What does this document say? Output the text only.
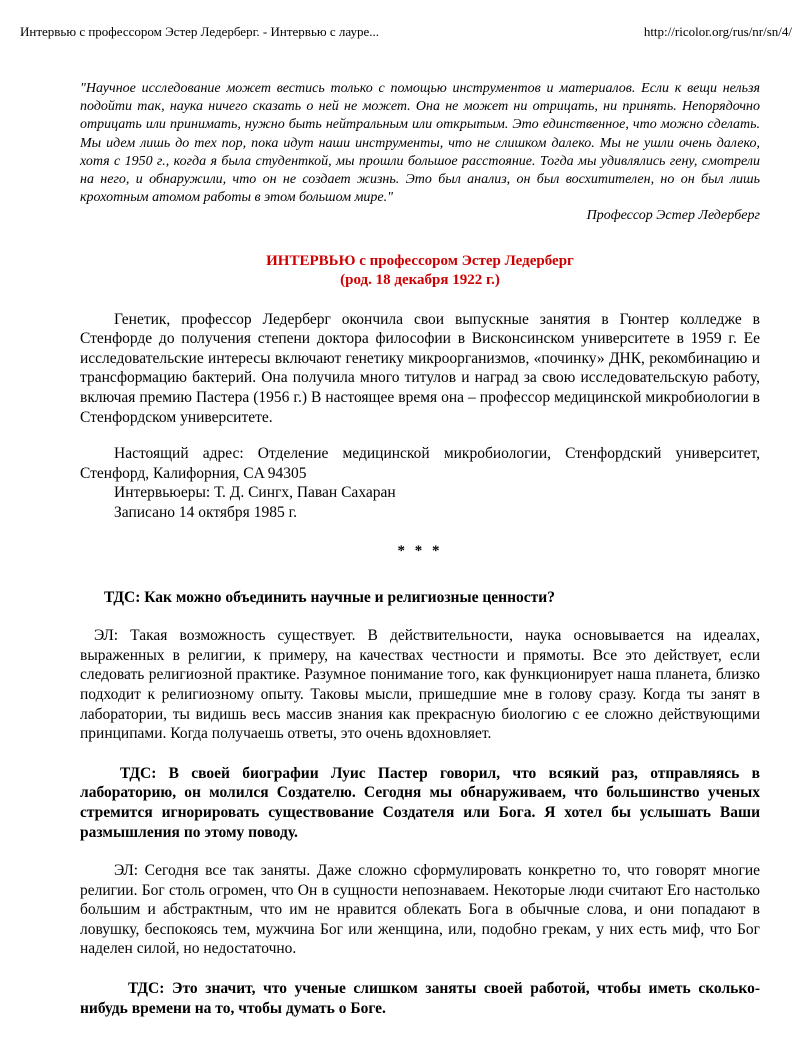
Интервью с профессором Эстер Ледерберг. - Интервью с лауре...	http://ricolor.org/rus/nr/sn/4/

"Научное исследование может вестись только с помощью инструментов и материалов. Если к вещи нельзя подойти так, наука ничего сказать о ней не может. Она не может ни отрицать, ни принять. Непорядочно отрицать или принимать, нужно быть нейтральным или открытым. Это единственное, что можно сделать. Мы идем лишь до тех пор, пока идут наши инструменты, что не слишком далеко. Мы не ушли очень далеко, хотя с 1950 г., когда я была студенткой, мы прошли большое расстояние. Тогда мы удивлялись гену, смотрели на него, и обнаружили, что он не создает жизнь. Это был анализ, он был восхитителен, но он был лишь крохотным атомом работы в этом большом мире."

Профессор Эстер Ледерберг

ИНТЕРВЬЮ с профессором Эстер Ледерберг
(род. 18 декабря 1922 г.)

Генетик, профессор Ледерберг окончила свои выпускные занятия в Гюнтер колледже в Стенфорде до получения степени доктора философии в Висконсинском университете в 1959 г. Ее исследовательские интересы включают генетику микроорганизмов, «починку» ДНК, рекомбинацию и трансформацию бактерий. Она получила много титулов и наград за свою исследовательскую работу, включая премию Пастера (1956 г.) В настоящее время она – профессор медицинской микробиологии в Стенфордском университете.

Настоящий адрес: Отделение медицинской микробиологии, Стенфордский университет, Стенфорд, Калифорния, CA 94305

Интервьюеры: Т. Д. Сингх, Паван Сахаран

Записано 14 октября 1985 г.

* * *

ТДС: Как можно объединить научные и религиозные ценности?

ЭЛ: Такая возможность существует. В действительности, наука основывается на идеалах, выраженных в религии, к примеру, на качествах честности и прямоты. Все это действует, если следовать религиозной практике. Разумное понимание того, как функционирует наша планета, близко подходит к религиозному опыту. Таковы мысли, пришедшие мне в голову сразу. Когда ты занят в лаборатории, ты видишь весь массив знания как прекрасную биологию с ее сложно действующими принципами. Когда получаешь ответы, это очень вдохновляет.

ТДС: В своей биографии Луис Пастер говорил, что всякий раз, отправляясь в лабораторию, он молился Создателю. Сегодня мы обнаруживаем, что большинство ученых стремится игнорировать существование Создателя или Бога. Я хотел бы услышать Ваши размышления по этому поводу.

ЭЛ: Сегодня все так заняты. Даже сложно сформулировать конкретно то, что говорят многие религии. Бог столь огромен, что Он в сущности непознаваем. Некоторые люди считают Его настолько большим и абстрактным, что им не нравится облекать Бога в обычные слова, и они попадают в ловушку, беспокоясь тем, мужчина Бог или женщина, или, подобно грекам, у них есть миф, что Бог наделен силой, но недостаточно.

ТДС: Это значит, что ученые слишком заняты своей работой, чтобы иметь сколько-нибудь времени на то, чтобы думать о Боге.
